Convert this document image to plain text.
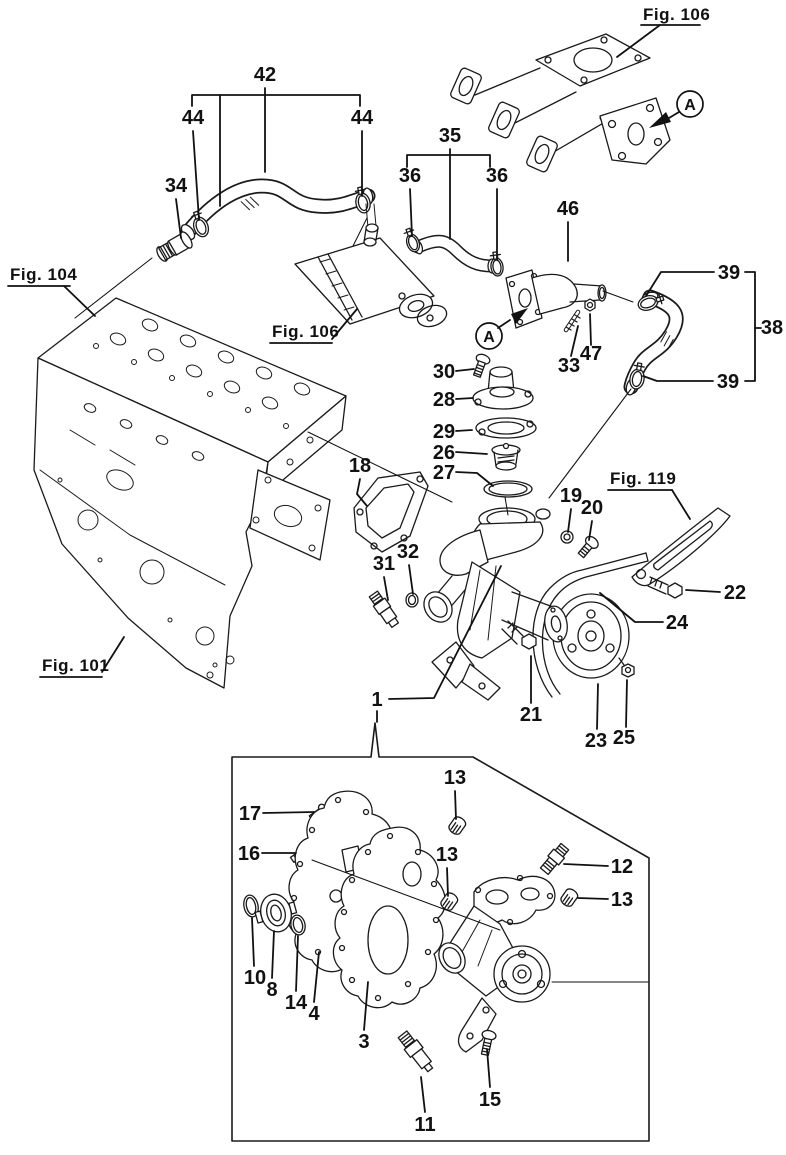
42
44	44
34
35
36	36
46
39
38
39
33
47
30
28
29
26
27
18
19
20
22
24
31
32
21
23 25
1
17
16
13
13
12
13
10
8
14 4
3
11
15
Fig. 106
Fig. 104
Fig. 106
Fig. 101
Fig. 119
A
A
